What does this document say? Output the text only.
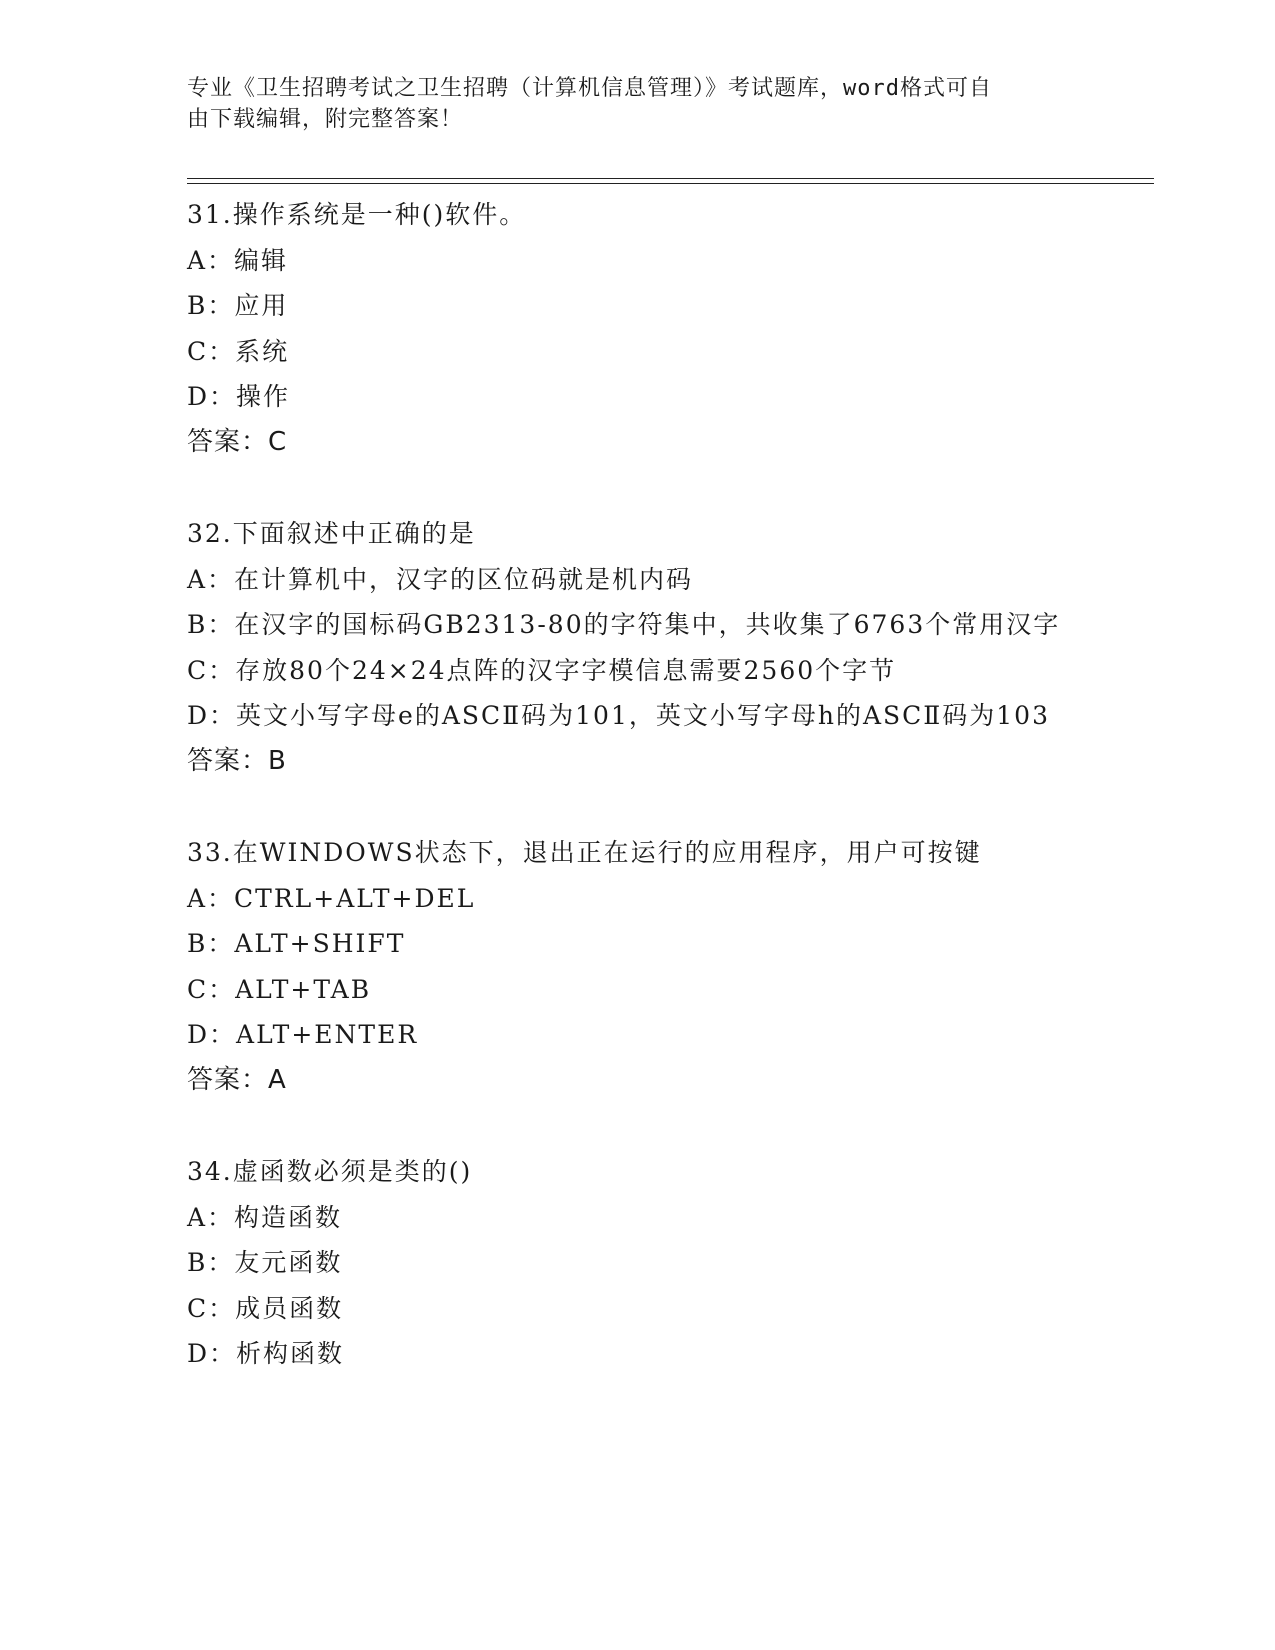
专业《卫生招聘考试之卫生招聘（计算机信息管理）》考试题库，word格式可自
由下载编辑，附完整答案！

31.操作系统是一种()软件。

A：编辑

B：应用

C：系统

D：操作

答案：C

32.下面叙述中正确的是

A：在计算机中，汉字的区位码就是机内码

B：在汉字的国标码GB2313-80的字符集中，共收集了6763个常用汉字

C：存放80个24×24点阵的汉字字模信息需要2560个字节

D：英文小写字母e的ASCⅡ码为101，英文小写字母h的ASCⅡ码为103

答案：B

33.在WINDOWS状态下，退出正在运行的应用程序，用户可按键

A：CTRL+ALT+DEL

B：ALT+SHIFT

C：ALT+TAB

D：ALT+ENTER

答案：A

34.虚函数必须是类的()

A：构造函数

B：友元函数

C：成员函数

D：析构函数
